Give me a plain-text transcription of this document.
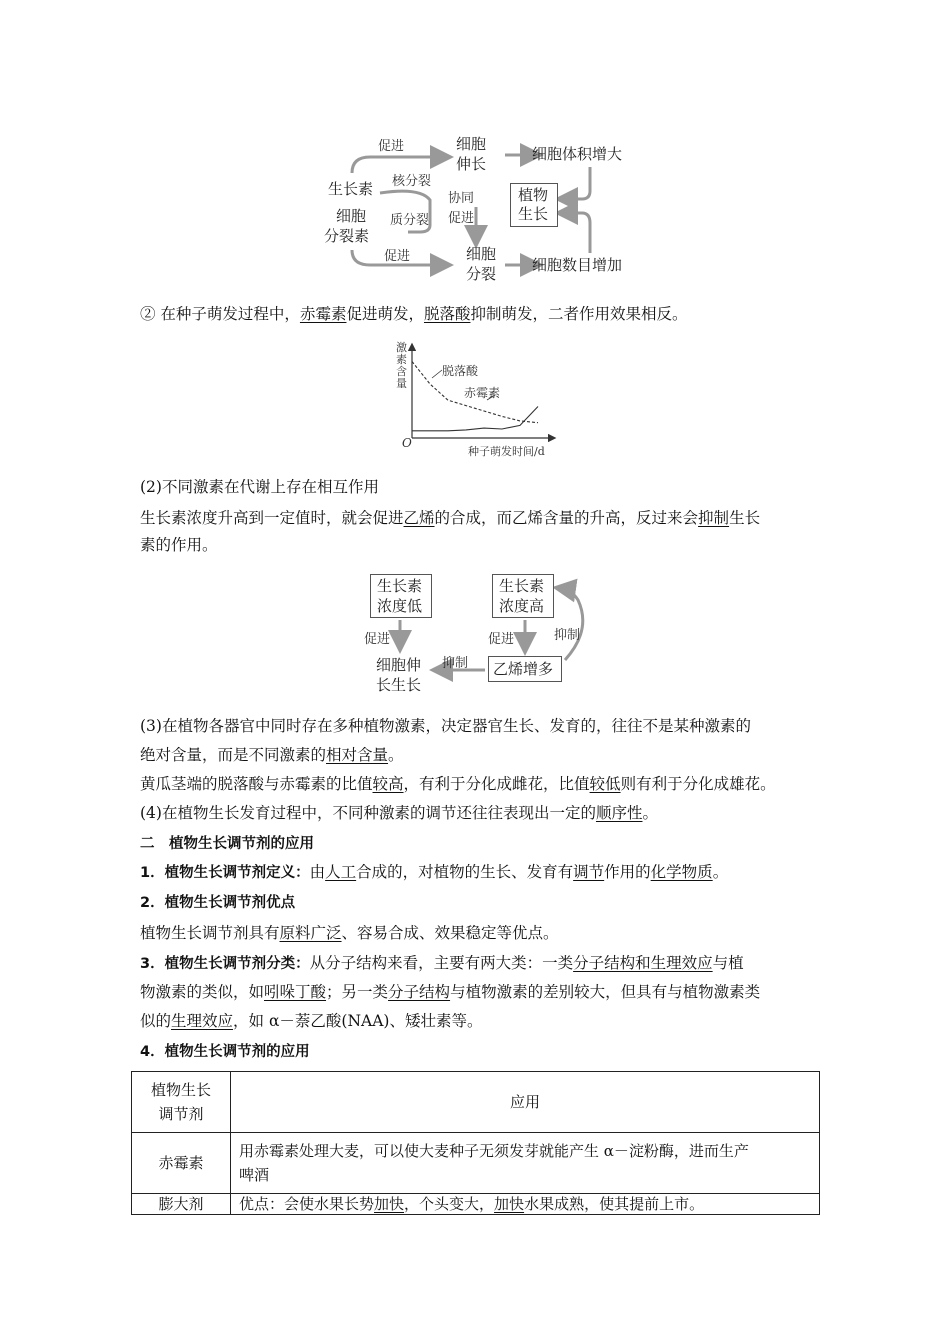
生长素
细胞
分裂素
促进
核分裂
质分裂
促进
协同
促进
细胞
伸长
细胞
分裂
细胞体积增大
细胞数目增加
植物
生长
② 在种子萌发过程中，赤霉素促进萌发，脱落酸抑制萌发，二者作用效果相反。
激
素
含
量
脱落酸
赤霉素
O
种子萌发时间/d
(2)不同激素在代谢上存在相互作用
生长素浓度升高到一定值时，就会促进乙烯的合成，而乙烯含量的升高，反过来会抑制生长
素的作用。
生长素
浓度低
生长素
浓度高
促进	促进
抑制
抑制
细胞伸
长生长
乙烯增多
(3)在植物各器官中同时存在多种植物激素，决定器官生长、发育的，往往不是某种激素的
绝对含量，而是不同激素的相对含量。
黄瓜茎端的脱落酸与赤霉素的比值较高，有利于分化成雌花，比值较低则有利于分化成雄花。
(4)在植物生长发育过程中，不同种激素的调节还往往表现出一定的顺序性。
二　植物生长调节剂的应用
1．植物生长调节剂定义：由人工合成的，对植物的生长、发育有调节作用的化学物质。
2．植物生长调节剂优点
植物生长调节剂具有原料广泛、容易合成、效果稳定等优点。
3．植物生长调节剂分类：从分子结构来看，主要有两大类：一类分子结构和生理效应与植
物激素的类似，如吲哚丁酸；另一类分子结构与植物激素的差别较大，但具有与植物激素类
似的生理效应，如 α－萘乙酸(NAA)、矮壮素等。
4．植物生长调节剂的应用
植物生长
调节剂	应用
赤霉素	用赤霉素处理大麦，可以使大麦种子无须发芽就能产生 α－淀粉酶，进而生产
啤酒

膨大剂	优点：会使水果长势加快，个头变大，加快水果成熟，使其提前上市。
